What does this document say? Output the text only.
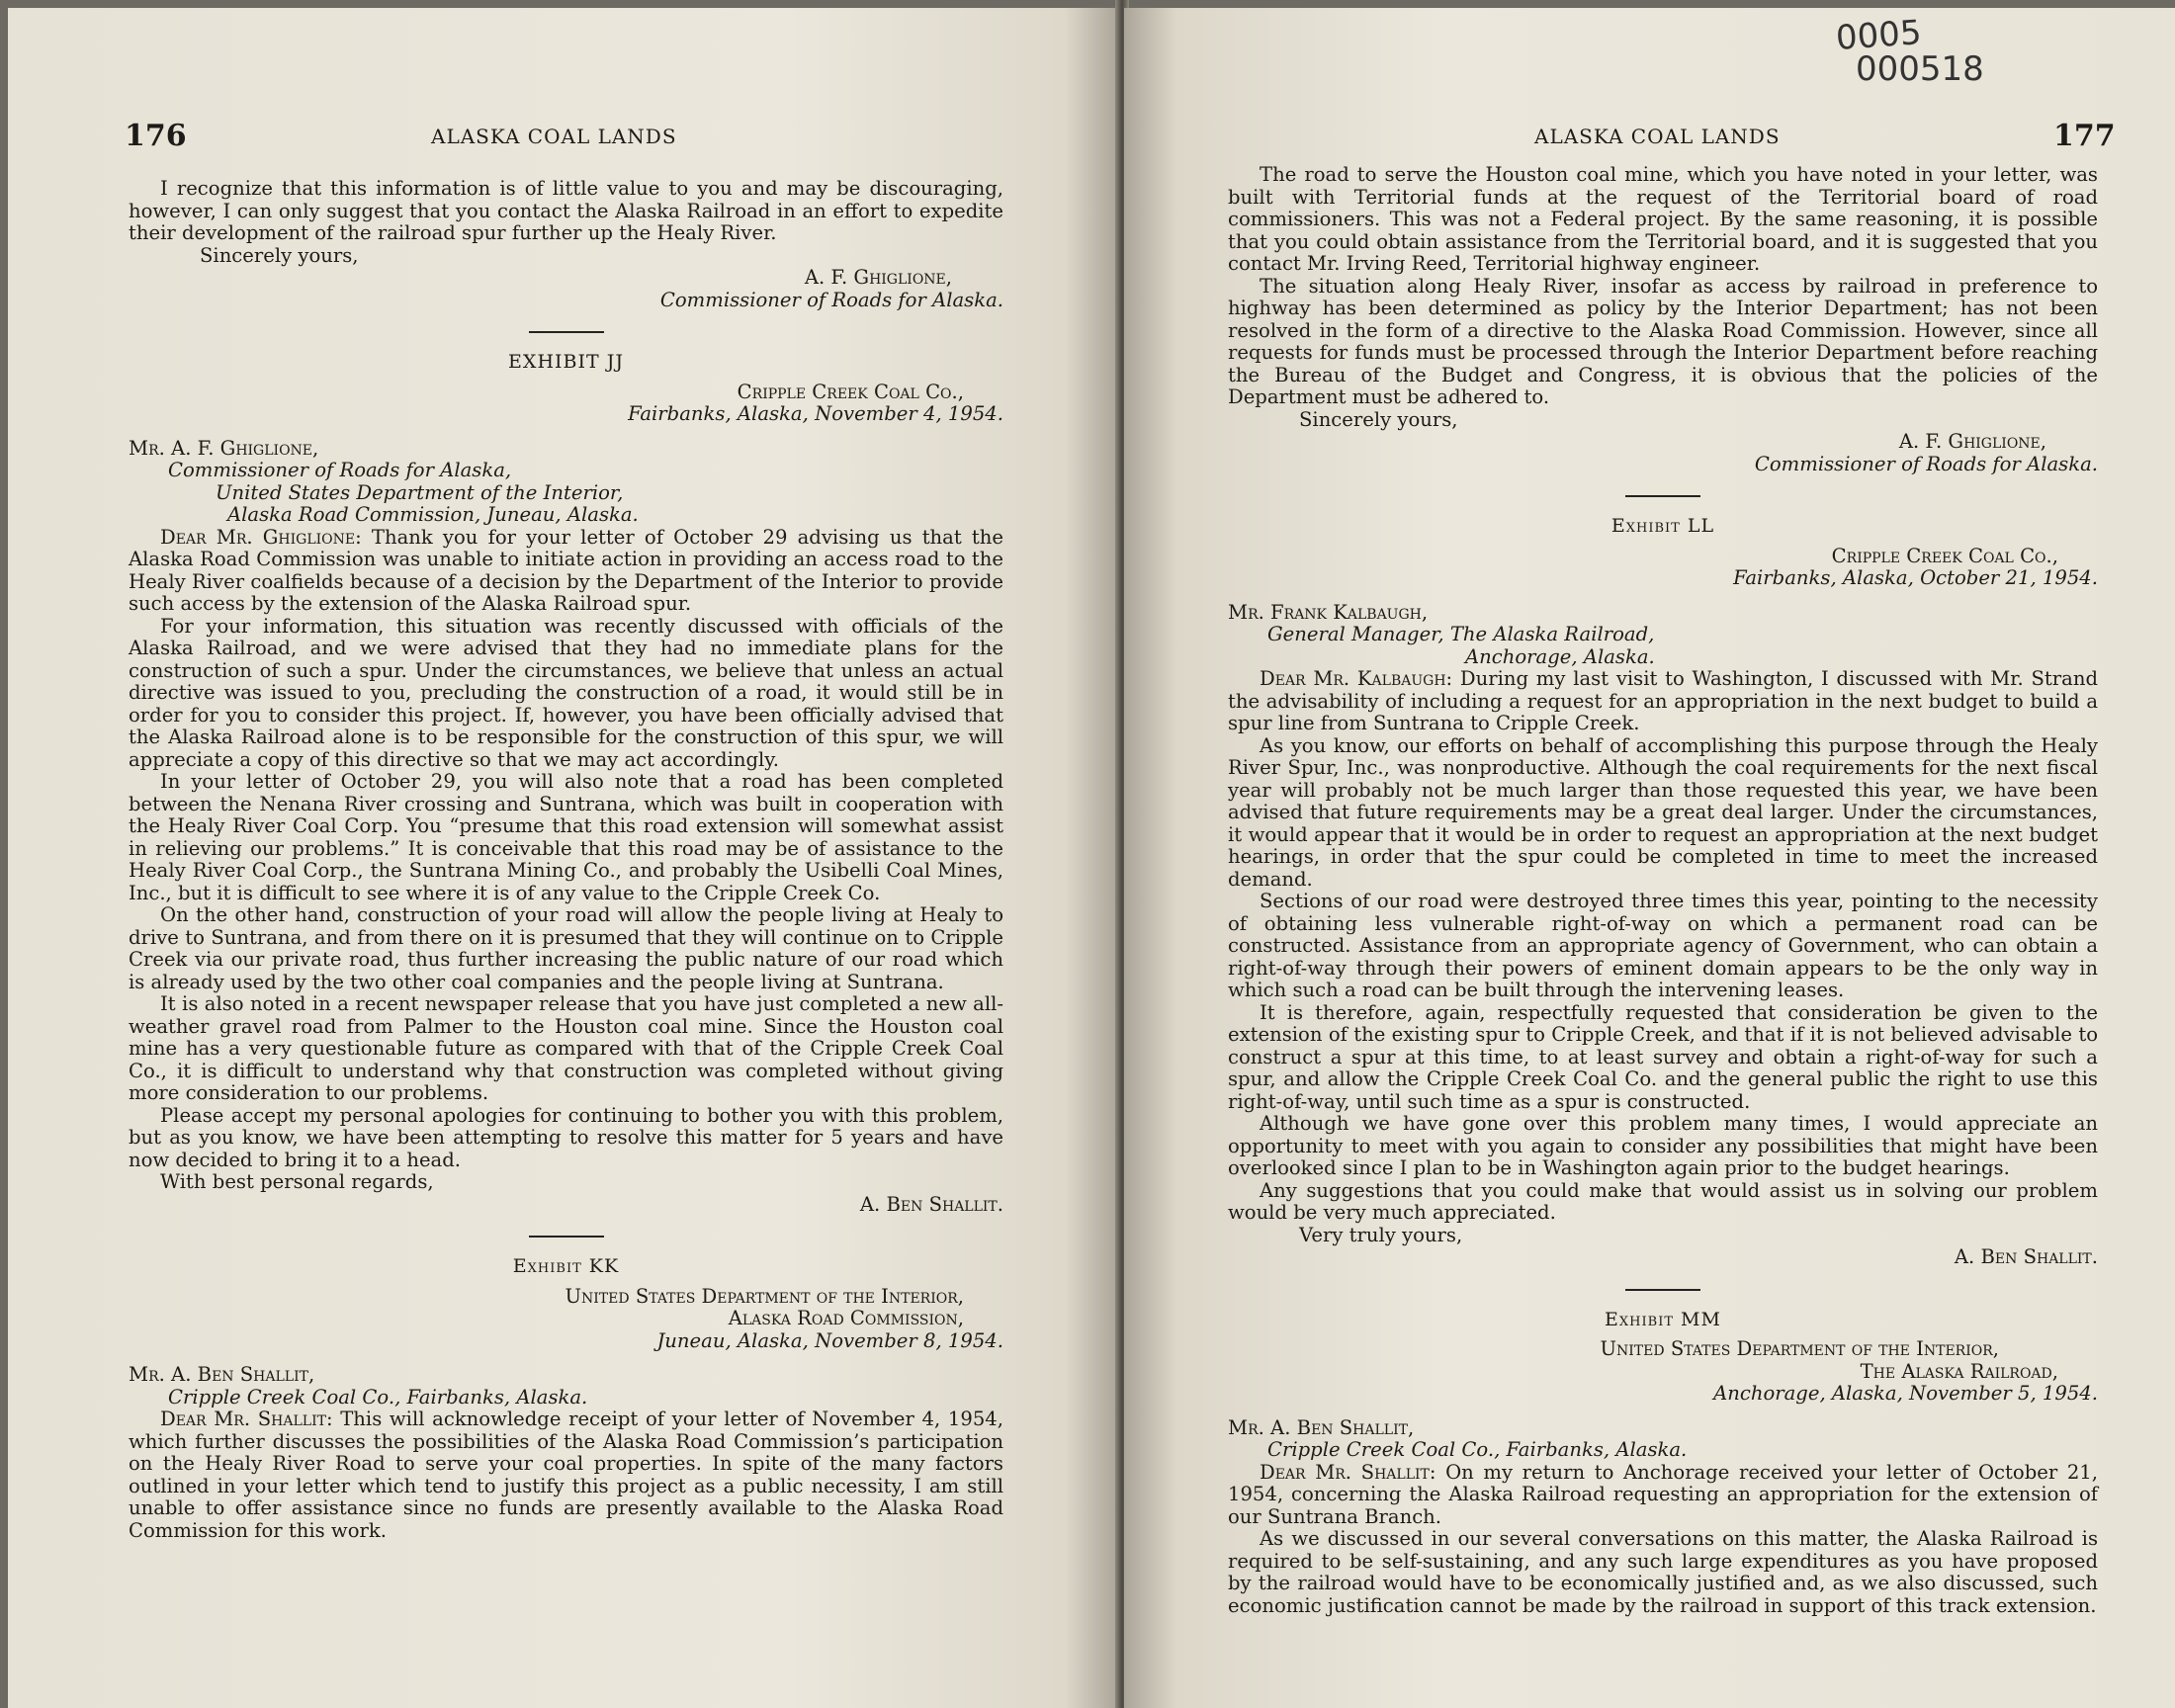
176	ALASKA COAL LANDS

I recognize that this information is of little value to you and may be discouraging, however, I can only suggest that you contact the Alaska Railroad in an effort to expedite their development of the railroad spur further up the Healy River.

Sincerely yours,

A. F. Ghiglione,

Commissioner of Roads for Alaska.

EXHIBIT JJ

Cripple Creek Coal Co.,

Fairbanks, Alaska, November 4, 1954.

Mr. A. F. Ghiglione,

Commissioner of Roads for Alaska,

United States Department of the Interior,

Alaska Road Commission, Juneau, Alaska.

Dear Mr. Ghiglione: Thank you for your letter of October 29 advising us that the Alaska Road Commission was unable to initiate action in providing an access road to the Healy River coalfields because of a decision by the Department of the Interior to provide such access by the extension of the Alaska Railroad spur.

For your information, this situation was recently discussed with officials of the Alaska Railroad, and we were advised that they had no immediate plans for the construction of such a spur. Under the circumstances, we believe that unless an actual directive was issued to you, precluding the construction of a road, it would still be in order for you to consider this project. If, however, you have been officially advised that the Alaska Railroad alone is to be responsible for the construction of this spur, we will appreciate a copy of this directive so that we may act accordingly.

In your letter of October 29, you will also note that a road has been completed between the Nenana River crossing and Suntrana, which was built in cooperation with the Healy River Coal Corp. You “presume that this road extension will somewhat assist in relieving our problems.” It is conceivable that this road may be of assistance to the Healy River Coal Corp., the Suntrana Mining Co., and probably the Usibelli Coal Mines, Inc., but it is difficult to see where it is of any value to the Cripple Creek Co.

On the other hand, construction of your road will allow the people living at Healy to drive to Suntrana, and from there on it is presumed that they will continue on to Cripple Creek via our private road, thus further increasing the public nature of our road which is already used by the two other coal companies and the people living at Suntrana.

It is also noted in a recent newspaper release that you have just completed a new all-weather gravel road from Palmer to the Houston coal mine. Since the Houston coal mine has a very questionable future as compared with that of the Cripple Creek Coal Co., it is difficult to understand why that construction was completed without giving more consideration to our problems.

Please accept my personal apologies for continuing to bother you with this problem, but as you know, we have been attempting to resolve this matter for 5 years and have now decided to bring it to a head.

With best personal regards,

A. Ben Shallit.

Exhibit KK

United States Department of the Interior,

Alaska Road Commission,

Juneau, Alaska, November 8, 1954.

Mr. A. Ben Shallit,

Cripple Creek Coal Co., Fairbanks, Alaska.

Dear Mr. Shallit: This will acknowledge receipt of your letter of November 4, 1954, which further discusses the possibilities of the Alaska Road Commission’s participation on the Healy River Road to serve your coal properties. In spite of the many factors outlined in your letter which tend to justify this project as a public necessity, I am still unable to offer assistance since no funds are presently available to the Alaska Road Commission for this work.

0005
000518
ALASKA COAL LANDS	177

The road to serve the Houston coal mine, which you have noted in your letter, was built with Territorial funds at the request of the Territorial board of road commissioners. This was not a Federal project. By the same reasoning, it is possible that you could obtain assistance from the Territorial board, and it is suggested that you contact Mr. Irving Reed, Territorial highway engineer.

The situation along Healy River, insofar as access by railroad in preference to highway has been determined as policy by the Interior Department; has not been resolved in the form of a directive to the Alaska Road Commission. However, since all requests for funds must be processed through the Interior Department before reaching the Bureau of the Budget and Congress, it is obvious that the policies of the Department must be adhered to.

Sincerely yours,

A. F. Ghiglione,

Commissioner of Roads for Alaska.

Exhibit LL

Cripple Creek Coal Co.,

Fairbanks, Alaska, October 21, 1954.

Mr. Frank Kalbaugh,

General Manager, The Alaska Railroad,

Anchorage, Alaska.

Dear Mr. Kalbaugh: During my last visit to Washington, I discussed with Mr. Strand the advisability of including a request for an appropriation in the next budget to build a spur line from Suntrana to Cripple Creek.

As you know, our efforts on behalf of accomplishing this purpose through the Healy River Spur, Inc., was nonproductive. Although the coal requirements for the next fiscal year will probably not be much larger than those requested this year, we have been advised that future requirements may be a great deal larger. Under the circumstances, it would appear that it would be in order to request an appropriation at the next budget hearings, in order that the spur could be completed in time to meet the increased demand.

Sections of our road were destroyed three times this year, pointing to the necessity of obtaining less vulnerable right-of-way on which a permanent road can be constructed. Assistance from an appropriate agency of Government, who can obtain a right-of-way through their powers of eminent domain appears to be the only way in which such a road can be built through the intervening leases.

It is therefore, again, respectfully requested that consideration be given to the extension of the existing spur to Cripple Creek, and that if it is not believed advisable to construct a spur at this time, to at least survey and obtain a right-of-way for such a spur, and allow the Cripple Creek Coal Co. and the general public the right to use this right-of-way, until such time as a spur is constructed.

Although we have gone over this problem many times, I would appreciate an opportunity to meet with you again to consider any possibilities that might have been overlooked since I plan to be in Washington again prior to the budget hearings.

Any suggestions that you could make that would assist us in solving our problem would be very much appreciated.

Very truly yours,

A. Ben Shallit.

Exhibit MM

United States Department of the Interior,

The Alaska Railroad,

Anchorage, Alaska, November 5, 1954.

Mr. A. Ben Shallit,

Cripple Creek Coal Co., Fairbanks, Alaska.

Dear Mr. Shallit: On my return to Anchorage received your letter of October 21, 1954, concerning the Alaska Railroad requesting an appropriation for the extension of our Suntrana Branch.

As we discussed in our several conversations on this matter, the Alaska Railroad is required to be self-sustaining, and any such large expenditures as you have proposed by the railroad would have to be economically justified and, as we also discussed, such economic justification cannot be made by the railroad in support of this track extension.
